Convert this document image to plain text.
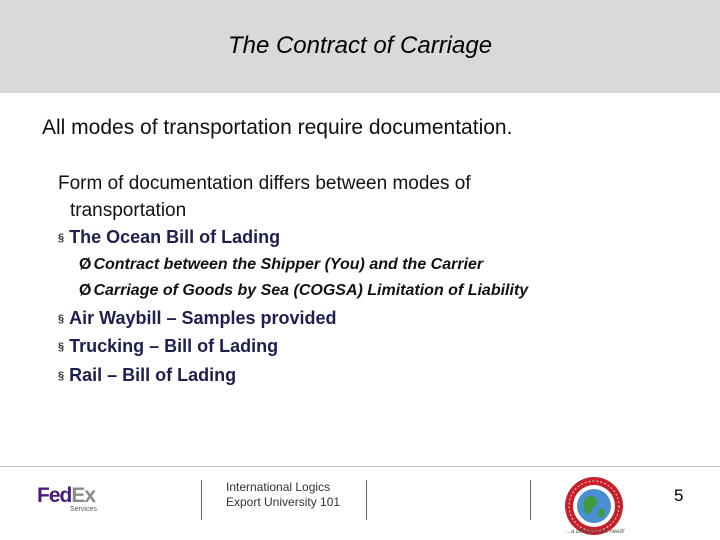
The Contract of Carriage
All modes of transportation require documentation.
Form of documentation differs between modes of
transportation
§ The Ocean Bill of Lading
Ø Contract between the Shipper (You) and the Carrier
Ø Carriage of Goods by Sea (COGSA) Limitation of Liability
§ Air Waybill – Samples provided
§ Trucking – Bill of Lading
§ Rail – Bill of Lading
FedEx
Services
International Logics
Export University 101
...a bridge you'll need!
5
